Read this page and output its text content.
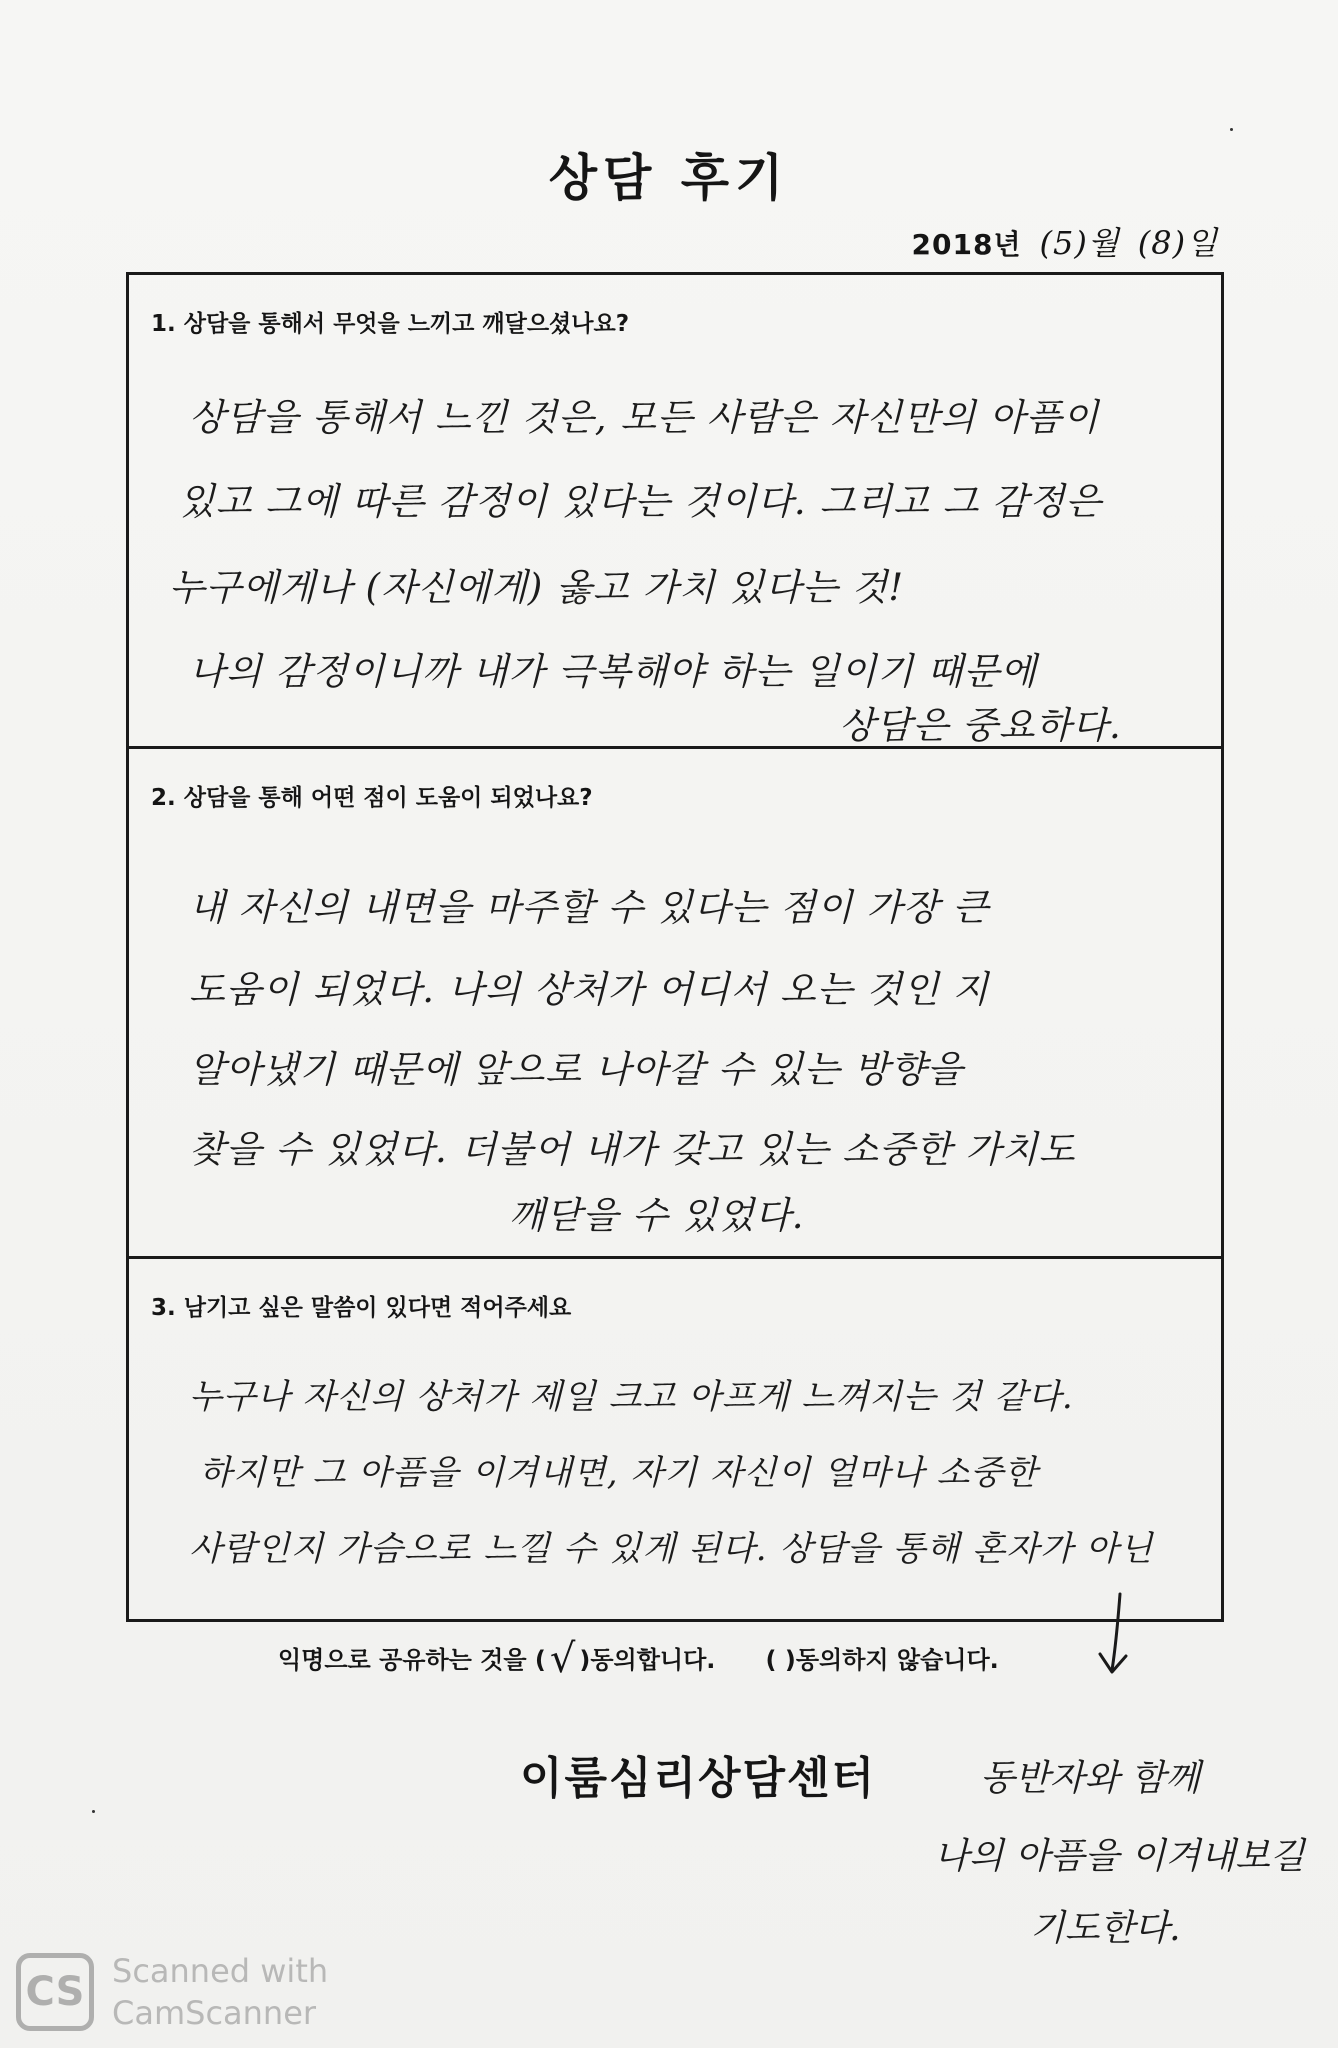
상담 후기
2018년 (5)월 (8)일
1. 상담을 통해서 무엇을 느끼고 깨달으셨나요?
상담을 통해서 느낀 것은, 모든 사람은 자신만의 아픔이
있고 그에 따른 감정이 있다는 것이다. 그리고 그 감정은
누구에게나 (자신에게) 옳고 가치 있다는 것!
나의 감정이니까 내가 극복해야 하는 일이기 때문에
상담은 중요하다.
2. 상담을 통해 어떤 점이 도움이 되었나요?
내 자신의 내면을 마주할 수 있다는 점이 가장 큰
도움이 되었다. 나의 상처가 어디서 오는 것인 지
알아냈기 때문에 앞으로 나아갈 수 있는 방향을
찾을 수 있었다. 더불어 내가 갖고 있는 소중한 가치도
깨닫을 수 있었다.
3. 남기고 싶은 말씀이 있다면 적어주세요
누구나 자신의 상처가 제일 크고 아프게 느껴지는 것 같다.
하지만 그 아픔을 이겨내면, 자기 자신이 얼마나 소중한
사람인지 가슴으로 느낄 수 있게 된다. 상담을 통해 혼자가 아닌
익명으로 공유하는 것을 ( √ )동의합니다. ( )동의하지 않습니다.
이룸심리상담센터	동반자와 함께
나의 아픔을 이겨내보길
기도한다.
CS Scanned with
CamScanner
